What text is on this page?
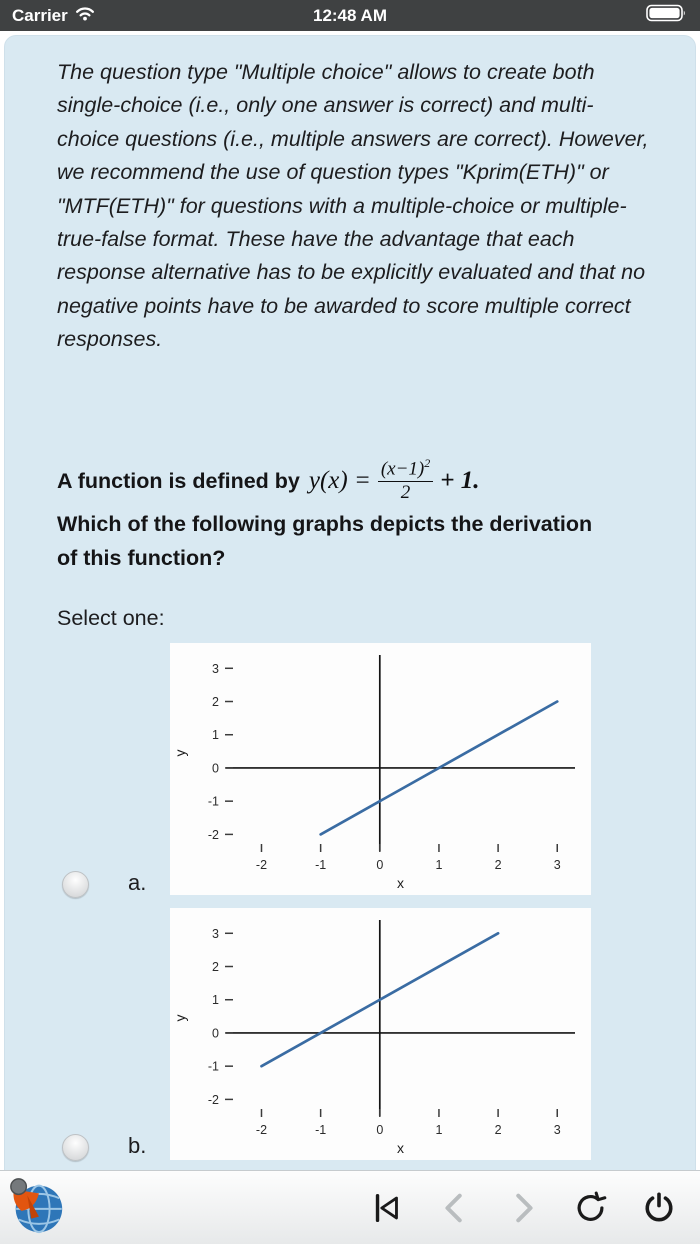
Carrier	12:48 AM

The question type "Multiple choice" allows to create both single-choice (i.e., only one answer is correct) and multi-choice questions (i.e., multiple answers are correct). However, we recommend the use of question types "Kprim(ETH)" or "MTF(ETH)" for questions with a multiple-choice or multiple-true-false format. These have the advantage that each response alternative has to be explicitly evaluated and that no negative points have to be awarded to score multiple correct responses.

A function is defined by $y(x) = \frac{(x-1)^2}{2} + 1$.
Which of the following graphs depicts the derivation of this function?
Select one:
-2
-1
0
1
2
3
-2	-1	0	1	2	3
x
y
a.
-2
-1
0
1
2
3
-2	-1	0	1	2	3
x
y
b.
